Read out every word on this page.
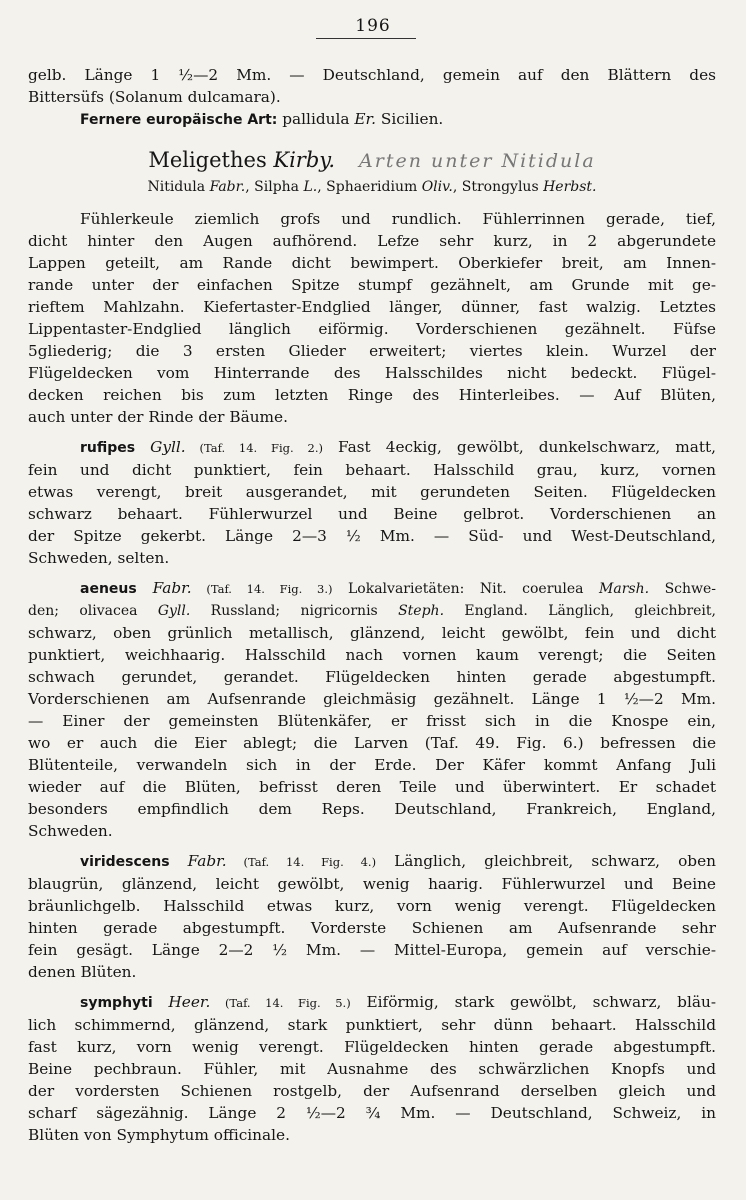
196
gelb. Länge 1 ½—2 Mm. — Deutschland, gemein auf den Blättern des
Bittersüfs (Solanum dulcamara).
Fernere europäische Art: pallidula Er. Sicilien.
Meligethes Kirby. Arten unter Nitidula
Nitidula Fabr., Silpha L., Sphaeridium Oliv., Strongylus Herbst.
Fühlerkeule ziemlich grofs und rundlich. Fühlerrinnen gerade, tief,
dicht hinter den Augen aufhörend. Lefze sehr kurz, in 2 abgerundete
Lappen geteilt, am Rande dicht bewimpert. Oberkiefer breit, am Innen-
rande unter der einfachen Spitze stumpf gezähnelt, am Grunde mit ge-
rieftem Mahlzahn. Kiefertaster-Endglied länger, dünner, fast walzig. Letztes
Lippentaster-Endglied länglich eiförmig. Vorderschienen gezähnelt. Füfse
5gliederig; die 3 ersten Glieder erweitert; viertes klein. Wurzel der
Flügeldecken vom Hinterrande des Halsschildes nicht bedeckt. Flügel-
decken reichen bis zum letzten Ringe des Hinterleibes. — Auf Blüten,
auch unter der Rinde der Bäume.
rufipes Gyll. (Taf. 14. Fig. 2.) Fast 4eckig, gewölbt, dunkelschwarz, matt,
fein und dicht punktiert, fein behaart. Halsschild grau, kurz, vornen
etwas verengt, breit ausgerandet, mit gerundeten Seiten. Flügeldecken
schwarz behaart. Fühlerwurzel und Beine gelbrot. Vorderschienen an
der Spitze gekerbt. Länge 2—3 ½ Mm. — Süd- und West-Deutschland,
Schweden, selten.
aeneus Fabr. (Taf. 14. Fig. 3.) Lokalvarietäten: Nit. coerulea Marsh. Schwe-
den; olivacea Gyll. Russland; nigricornis Steph. England. Länglich, gleichbreit,
schwarz, oben grünlich metallisch, glänzend, leicht gewölbt, fein und dicht
punktiert, weichhaarig. Halsschild nach vornen kaum verengt; die Seiten
schwach gerundet, gerandet. Flügeldecken hinten gerade abgestumpft.
Vorderschienen am Aufsenrande gleichmäsig gezähnelt. Länge 1 ½—2 Mm.
— Einer der gemeinsten Blütenkäfer, er frisst sich in die Knospe ein,
wo er auch die Eier ablegt; die Larven (Taf. 49. Fig. 6.) befressen die
Blütenteile, verwandeln sich in der Erde. Der Käfer kommt Anfang Juli
wieder auf die Blüten, befrisst deren Teile und überwintert. Er schadet
besonders empfindlich dem Reps. Deutschland, Frankreich, England,
Schweden.
viridescens Fabr. (Taf. 14. Fig. 4.) Länglich, gleichbreit, schwarz, oben
blaugrün, glänzend, leicht gewölbt, wenig haarig. Fühlerwurzel und Beine
bräunlichgelb. Halsschild etwas kurz, vorn wenig verengt. Flügeldecken
hinten gerade abgestumpft. Vorderste Schienen am Aufsenrande sehr
fein gesägt. Länge 2—2 ½ Mm. — Mittel-Europa, gemein auf verschie-
denen Blüten.
symphyti Heer. (Taf. 14. Fig. 5.) Eiförmig, stark gewölbt, schwarz, bläu-
lich schimmernd, glänzend, stark punktiert, sehr dünn behaart. Halsschild
fast kurz, vorn wenig verengt. Flügeldecken hinten gerade abgestumpft.
Beine pechbraun. Fühler, mit Ausnahme des schwärzlichen Knopfs und
der vordersten Schienen rostgelb, der Aufsenrand derselben gleich und
scharf sägezähnig. Länge 2 ½—2 ¾ Mm. — Deutschland, Schweiz, in
Blüten von Symphytum officinale.
